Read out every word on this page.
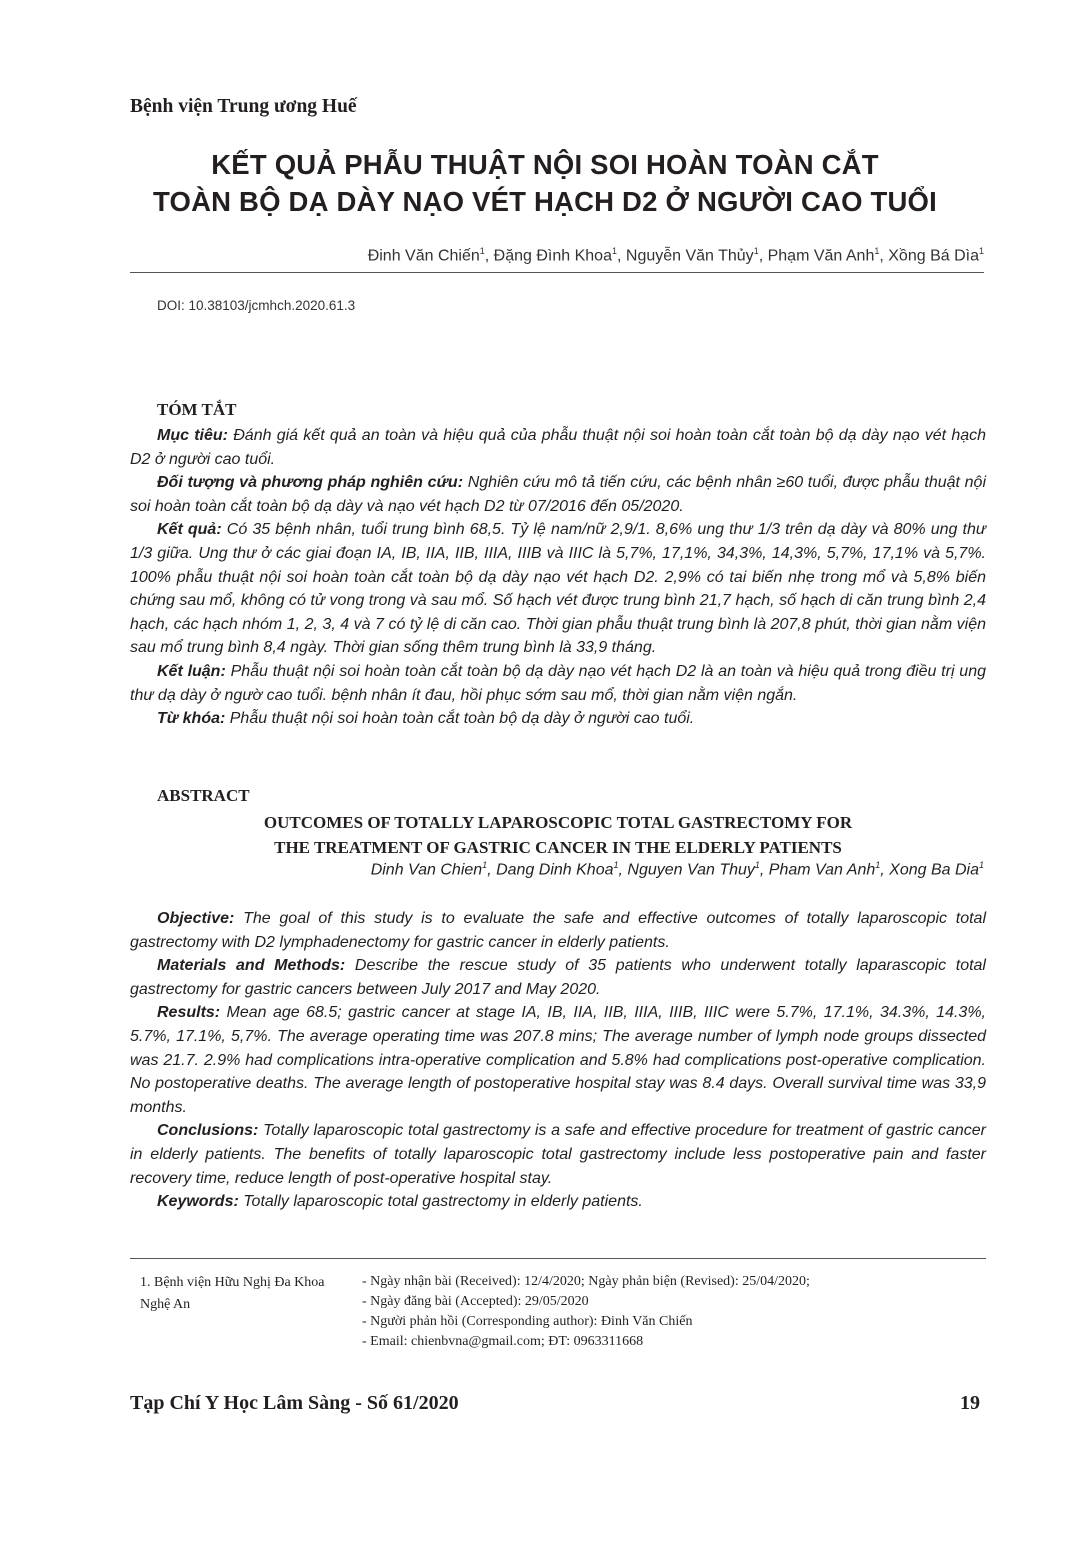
Bệnh viện Trung ương Huế
KẾT QUẢ PHẪU THUẬT NỘI SOI HOÀN TOÀN CẮT
TOÀN BỘ DẠ DÀY NẠO VÉT HẠCH D2 Ở NGƯỜI CAO TUỔI
Đinh Văn Chiến$^1$, Đặng Đình Khoa$^1$, Nguyễn Văn Thủy$^1$, Phạm Văn Anh$^1$, Xồng Bá Dìa$^1$
DOI: 10.38103/jcmhch.2020.61.3
TÓM TẮT

Mục tiêu: Đánh giá kết quả an toàn và hiệu quả của phẫu thuật nội soi hoàn toàn cắt toàn bộ dạ dày nạo vét hạch D2 ở người cao tuổi.

Đối tượng và phương pháp nghiên cứu: Nghiên cứu mô tả tiến cứu, các bệnh nhân ≥60 tuổi, được phẫu thuật nội soi hoàn toàn cắt toàn bộ dạ dày và nạo vét hạch D2 từ 07/2016 đến 05/2020.

Kết quả: Có 35 bệnh nhân, tuổi trung bình 68,5. Tỷ lệ nam/nữ 2,9/1. 8,6% ung thư 1/3 trên dạ dày và 80% ung thư 1/3 giữa. Ung thư ở các giai đoạn IA, IB, IIA, IIB, IIIA, IIIB và IIIC là 5,7%, 17,1%, 34,3%, 14,3%, 5,7%, 17,1% và 5,7%. 100% phẫu thuật nội soi hoàn toàn cắt toàn bộ dạ dày nạo vét hạch D2. 2,9% có tai biến nhẹ trong mổ và 5,8% biến chứng sau mổ, không có tử vong trong và sau mổ. Số hạch vét được trung bình 21,7 hạch, số hạch di căn trung bình 2,4 hạch, các hạch nhóm 1, 2, 3, 4 và 7 có tỷ lệ di căn cao. Thời gian phẫu thuật trung bình là 207,8 phút, thời gian nằm viện sau mổ trung bình 8,4 ngày. Thời gian sống thêm trung bình là 33,9 tháng.

Kết luận: Phẫu thuật nội soi hoàn toàn cắt toàn bộ dạ dày nạo vét hạch D2 là an toàn và hiệu quả trong điều trị ung thư dạ dày ở ngườ cao tuổi. bệnh nhân ít đau, hồi phục sớm sau mổ, thời gian nằm viện ngắn.

Từ khóa: Phẫu thuật nội soi hoàn toàn cắt toàn bộ dạ dày ở người cao tuổi.

ABSTRACT
OUTCOMES OF TOTALLY LAPAROSCOPIC TOTAL GASTRECTOMY FOR
THE TREATMENT OF GASTRIC CANCER IN THE ELDERLY PATIENTS
Dinh Van Chien$^1$, Dang Dinh Khoa$^1$, Nguyen Van Thuy$^1$, Pham Van Anh$^1$, Xong Ba Dia$^1$

Objective: The goal of this study is to evaluate the safe and effective outcomes of totally laparoscopic total gastrectomy with D2 lymphadenectomy for gastric cancer in elderly patients.

Materials and Methods: Describe the rescue study of 35 patients who underwent totally laparascopic total gastrectomy for gastric cancers between July 2017 and May 2020.

Results: Mean age 68.5; gastric cancer at stage IA, IB, IIA, IIB, IIIA, IIIB, IIIC were 5.7%, 17.1%, 34.3%, 14.3%, 5.7%, 17.1%, 5,7%. The average operating time was 207.8 mins; The average number of lymph node groups dissected was 21.7. 2.9% had complications intra-operative complication and 5.8% had complications post-operative complication. No postoperative deaths. The average length of postoperative hospital stay was 8.4 days. Overall survival time was 33,9 months.

Conclusions: Totally laparoscopic total gastrectomy is a safe and effective procedure for treatment of gastric cancer in elderly patients. The benefits of totally laparoscopic total gastrectomy include less postoperative pain and faster recovery time, reduce length of post-operative hospital stay.

Keywords: Totally laparoscopic total gastrectomy in elderly patients.

1. Bệnh viện Hữu Nghị Đa Khoa Nghệ An
- Ngày nhận bài (Received): 12/4/2020; Ngày phản biện (Revised): 25/04/2020;
- Ngày đăng bài (Accepted): 29/05/2020
- Người phản hồi (Corresponding author): Đinh Văn Chiến
- Email: chienbvna@gmail.com; ĐT: 0963311668
Tạp Chí Y Học Lâm Sàng - Số 61/2020	19
